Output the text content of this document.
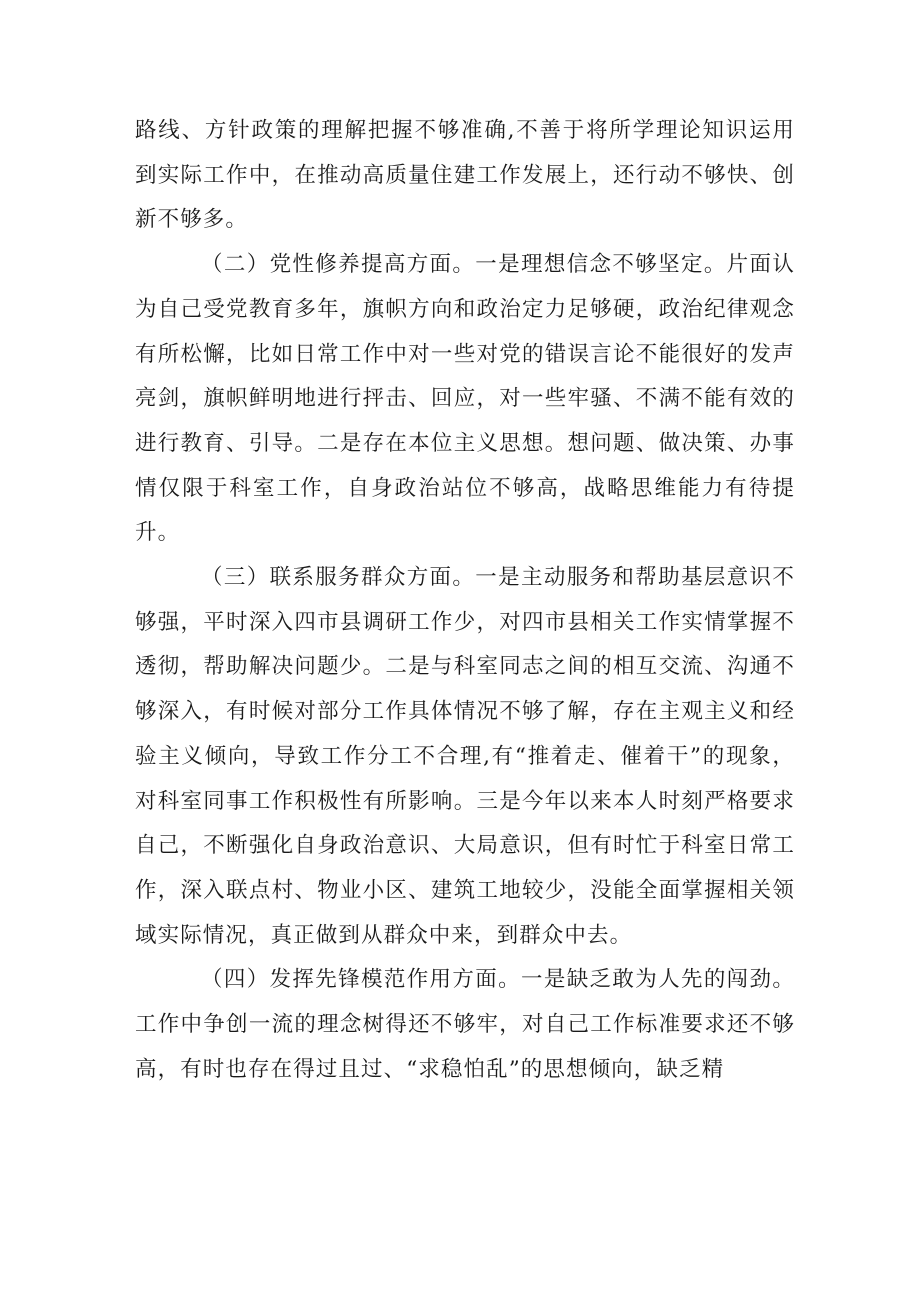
路线、方针政策的理解把握不够准确,不善于将所学理论知识运用到实际工作中，在推动高质量住建工作发展上，还行动不够快、创新不够多。

（二）党性修养提高方面。一是理想信念不够坚定。片面认为自己受党教育多年，旗帜方向和政治定力足够硬，政治纪律观念有所松懈，比如日常工作中对一些对党的错误言论不能很好的发声亮剑，旗帜鲜明地进行抨击、回应，对一些牢骚、不满不能有效的进行教育、引导。二是存在本位主义思想。想问题、做决策、办事情仅限于科室工作，自身政治站位不够高，战略思维能力有待提升。

（三）联系服务群众方面。一是主动服务和帮助基层意识不够强，平时深入四市县调研工作少，对四市县相关工作实情掌握不透彻，帮助解决问题少。二是与科室同志之间的相互交流、沟通不够深入，有时候对部分工作具体情况不够了解，存在主观主义和经验主义倾向，导致工作分工不合理,有“推着走、催着干”的现象，对科室同事工作积极性有所影响。三是今年以来本人时刻严格要求自己，不断强化自身政治意识、大局意识，但有时忙于科室日常工作，深入联点村、物业小区、建筑工地较少，没能全面掌握相关领域实际情况，真正做到从群众中来，到群众中去。

（四）发挥先锋模范作用方面。一是缺乏敢为人先的闯劲。工作中争创一流的理念树得还不够牢，对自己工作标准要求还不够高，有时也存在得过且过、“求稳怕乱”的思想倾向，缺乏精
